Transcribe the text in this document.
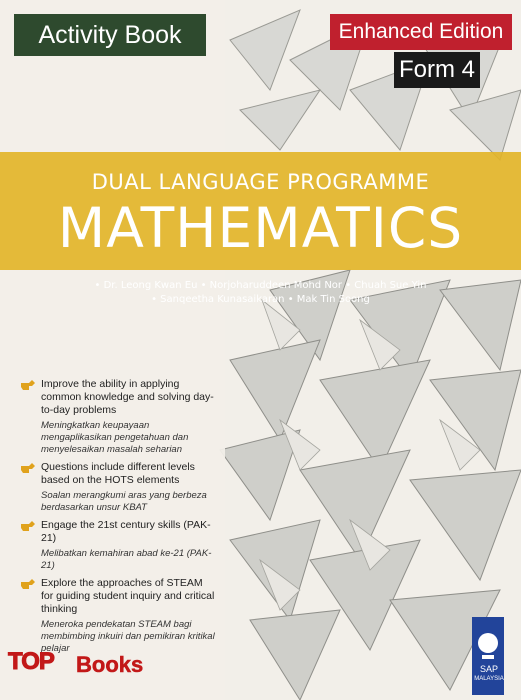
Activity Book	Enhanced Edition
Form 4
DUAL LANGUAGE PROGRAMME
MATHEMATICS
• Dr. Leong Kwan Eu • Norjoharuddeen Mohd Nor • Chuah Sue Yin
• Sanqeetha Kunasaikaran • Mak Tin Soong
Improve the ability in applying common knowledge and solving day-to-day problems
Meningkatkan keupayaan mengaplikasikan pengetahuan dan menyelesaikan masalah seharian
Questions include different levels based on the HOTS elements
Soalan merangkumi aras yang berbeza berdasarkan unsur KBAT
Engage the 21st century skills (PAK-21)
Melibatkan kemahiran abad ke-21 (PAK-21)
Explore the approaches of STEAM for guiding student inquiry and critical thinking
Meneroka pendekatan STEAM bagi membimbing inkuiri dan pemikiran kritikal pelajar
SAP
MALAYSIA
TOP Books
